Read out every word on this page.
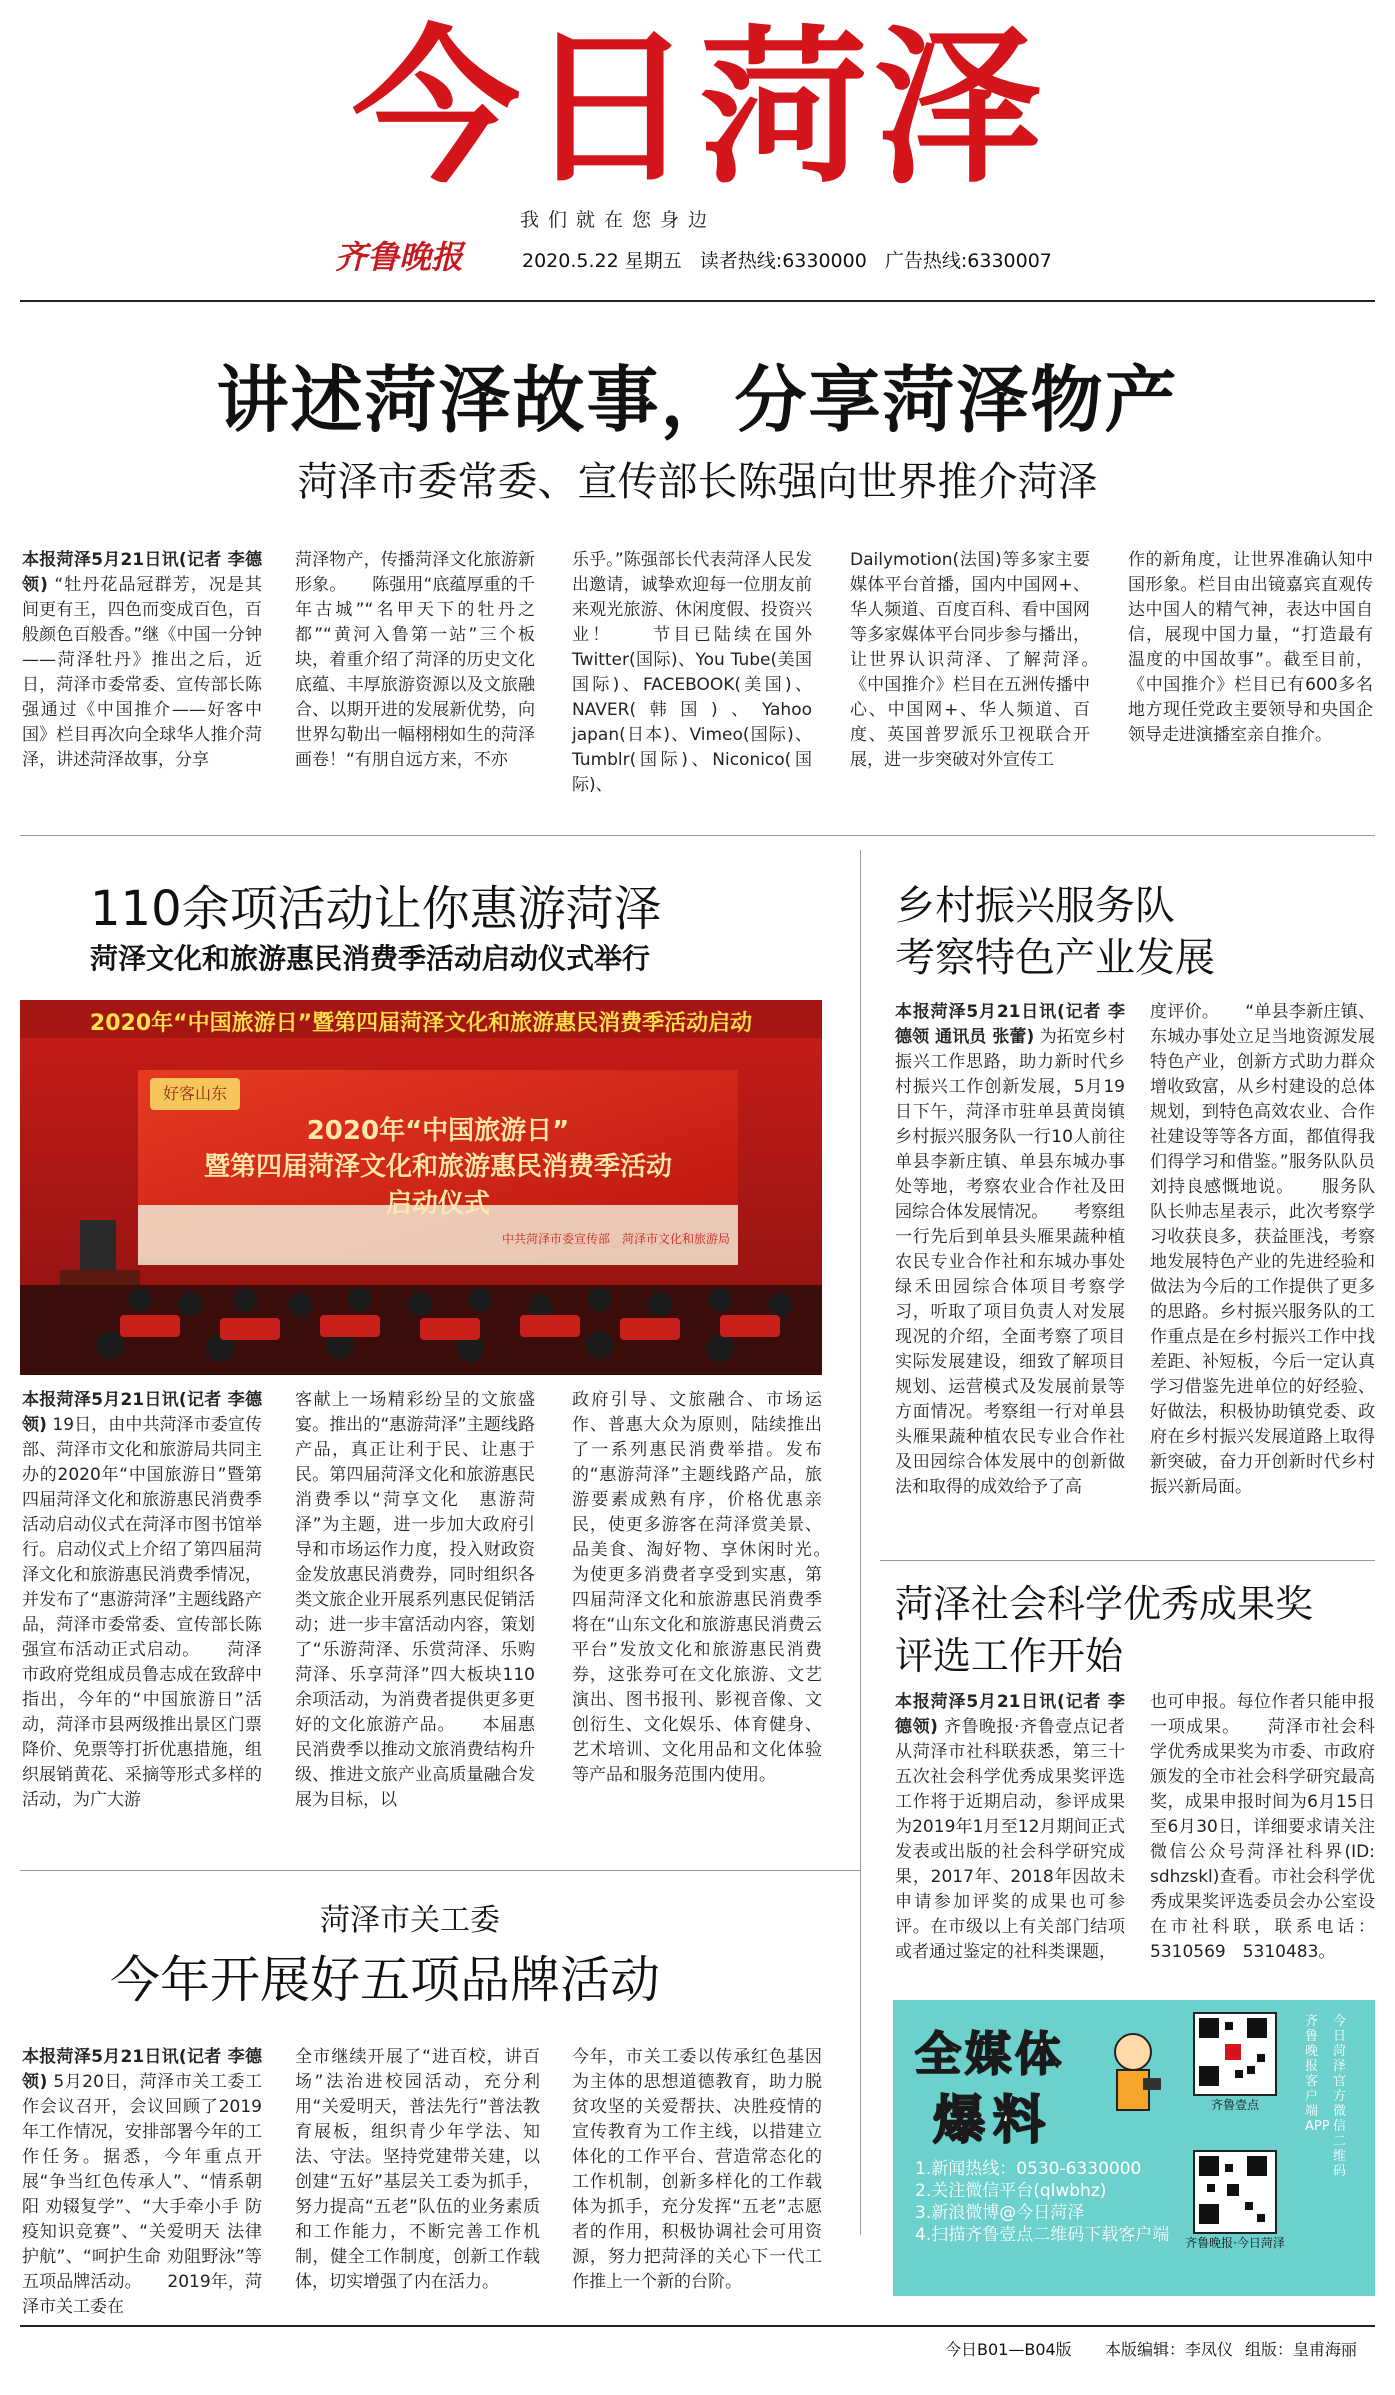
今日菏泽
我们就在您身边
齐鲁晚报	2020.5.22 星期五 读者热线:6330000 广告热线:6330007
讲述菏泽故事，分享菏泽物产
菏泽市委常委、宣传部长陈强向世界推介菏泽
本报菏泽5月21日讯(记者 李德领) “牡丹花品冠群芳，况是其间更有王，四色而变成百色，百般颜色百般香。”继《中国一分钟——菏泽牡丹》推出之后，近日，菏泽市委常委、宣传部长陈强通过《中国推介——好客中国》栏目再次向全球华人推介菏泽，讲述菏泽故事，分享
菏泽物产，传播菏泽文化旅游新形象。　　陈强用“底蕴厚重的千年古城”“名甲天下的牡丹之都”“黄河入鲁第一站”三个板块，着重介绍了菏泽的历史文化底蕴、丰厚旅游资源以及文旅融合、以期开进的发展新优势，向世界勾勒出一幅栩栩如生的菏泽画卷！“有朋自远方来，不亦
乐乎。”陈强部长代表菏泽人民发出邀请，诚挚欢迎每一位朋友前来观光旅游、休闲度假、投资兴业！　　节目已陆续在国外Twitter(国际)、You Tube(美国国际)、FACEBOOK(美国)、NAVER(韩国)、Yahoo japan(日本)、Vimeo(国际)、Tumblr(国际)、Niconico(国际)、
Dailymotion(法国)等多家主要媒体平台首播，国内中国网+、华人频道、百度百科、看中国网等多家媒体平台同步参与播出，让世界认识菏泽、了解菏泽。　　《中国推介》栏目在五洲传播中心、中国网+、华人频道、百度、英国普罗派乐卫视联合开展，进一步突破对外宣传工
作的新角度，让世界准确认知中国形象。栏目由出镜嘉宾直观传达中国人的精气神，表达中国自信，展现中国力量，“打造最有温度的中国故事”。截至目前，《中国推介》栏目已有600多名地方现任党政主要领导和央国企领导走进演播室亲自推介。
110余项活动让你惠游菏泽
菏泽文化和旅游惠民消费季活动启动仪式举行
2020年“中国旅游日”暨第四届菏泽文化和旅游惠民消费季活动启动
好客山东
2020年“中国旅游日”
暨第四届菏泽文化和旅游惠民消费季活动
启动仪式
中共菏泽市委宣传部　菏泽市文化和旅游局
本报菏泽5月21日讯(记者 李德领) 19日，由中共菏泽市委宣传部、菏泽市文化和旅游局共同主办的2020年“中国旅游日”暨第四届菏泽文化和旅游惠民消费季活动启动仪式在菏泽市图书馆举行。启动仪式上介绍了第四届菏泽文化和旅游惠民消费季情况，并发布了“惠游菏泽”主题线路产品，菏泽市委常委、宣传部长陈强宣布活动正式启动。　　菏泽市政府党组成员鲁志成在致辞中指出，今年的“中国旅游日”活动，菏泽市县两级推出景区门票降价、免票等打折优惠措施，组织展销黄花、采摘等形式多样的活动，为广大游
客献上一场精彩纷呈的文旅盛宴。推出的“惠游菏泽”主题线路产品，真正让利于民、让惠于民。第四届菏泽文化和旅游惠民消费季以“菏享文化　惠游菏泽”为主题，进一步加大政府引导和市场运作力度，投入财政资金发放惠民消费券，同时组织各类文旅企业开展系列惠民促销活动；进一步丰富活动内容，策划了“乐游菏泽、乐赏菏泽、乐购菏泽、乐享菏泽”四大板块110余项活动，为消费者提供更多更好的文化旅游产品。　　本届惠民消费季以推动文旅消费结构升级、推进文旅产业高质量融合发展为目标，以
政府引导、文旅融合、市场运作、普惠大众为原则，陆续推出了一系列惠民消费举措。发布的“惠游菏泽”主题线路产品，旅游要素成熟有序，价格优惠亲民，使更多游客在菏泽赏美景、品美食、淘好物、享休闲时光。　　为使更多消费者享受到实惠，第四届菏泽文化和旅游惠民消费季将在“山东文化和旅游惠民消费云平台”发放文化和旅游惠民消费券，这张券可在文化旅游、文艺演出、图书报刊、影视音像、文创衍生、文化娱乐、体育健身、艺术培训、文化用品和文化体验等产品和服务范围内使用。
乡村振兴服务队
考察特色产业发展
本报菏泽5月21日讯(记者 李德领 通讯员 张蕾) 为拓宽乡村振兴工作思路，助力新时代乡村振兴工作创新发展，5月19日下午，菏泽市驻单县黄岗镇乡村振兴服务队一行10人前往单县李新庄镇、单县东城办事处等地，考察农业合作社及田园综合体发展情况。　　考察组一行先后到单县头雁果蔬种植农民专业合作社和东城办事处绿禾田园综合体项目考察学习，听取了项目负责人对发展现况的介绍，全面考察了项目实际发展建设，细致了解项目规划、运营模式及发展前景等方面情况。考察组一行对单县头雁果蔬种植农民专业合作社及田园综合体发展中的创新做法和取得的成效给予了高
度评价。　　“单县李新庄镇、东城办事处立足当地资源发展特色产业，创新方式助力群众增收致富，从乡村建设的总体规划，到特色高效农业、合作社建设等等各方面，都值得我们得学习和借鉴。”服务队队员刘持良感慨地说。　　服务队队长帅志星表示，此次考察学习收获良多，获益匪浅，考察地发展特色产业的先进经验和做法为今后的工作提供了更多的思路。乡村振兴服务队的工作重点是在乡村振兴工作中找差距、补短板，今后一定认真学习借鉴先进单位的好经验、好做法，积极协助镇党委、政府在乡村振兴发展道路上取得新突破，奋力开创新时代乡村振兴新局面。
菏泽社会科学优秀成果奖
评选工作开始
本报菏泽5月21日讯(记者 李德领) 齐鲁晚报·齐鲁壹点记者从菏泽市社科联获悉，第三十五次社会科学优秀成果奖评选工作将于近期启动，参评成果为2019年1月至12月期间正式发表或出版的社会科学研究成果，2017年、2018年因故未申请参加评奖的成果也可参评。在市级以上有关部门结项或者通过鉴定的社科类课题，
也可申报。每位作者只能申报一项成果。　　菏泽市社会科学优秀成果奖为市委、市政府颁发的全市社会科学研究最高奖，成果申报时间为6月15日至6月30日，详细要求请关注微信公众号菏泽社科界(ID: sdhzskl)查看。市社会科学优秀成果奖评选委员会办公室设在市社科联，联系电话：5310569　5310483。
菏泽市关工委
今年开展好五项品牌活动
本报菏泽5月21日讯(记者 李德领) 5月20日，菏泽市关工委工作会议召开，会议回顾了2019年工作情况，安排部署今年的工作任务。据悉，今年重点开展“争当红色传承人”、“情系朝阳 劝辍复学”、“大手牵小手 防疫知识竞赛”、“关爱明天 法律护航”、“呵护生命 劝阻野泳”等五项品牌活动。　　2019年，菏泽市关工委在
全市继续开展了“进百校，讲百场”法治进校园活动，充分利用“关爱明天，普法先行”普法教育展板，组织青少年学法、知法、守法。坚持党建带关建，以创建“五好”基层关工委为抓手，努力提高“五老”队伍的业务素质和工作能力，不断完善工作机制，健全工作制度，创新工作载体，切实增强了内在活力。
今年，市关工委以传承红色基因为主体的思想道德教育，助力脱贫攻坚的关爱帮扶、决胜疫情的宣传教育为工作主线，以措建立体化的工作平台、营造常态化的工作机制，创新多样化的工作载体为抓手，充分发挥“五老”志愿者的作用，积极协调社会可用资源，努力把菏泽的关心下一代工作推上一个新的台阶。
全媒体
爆料
1.新闻热线：0530-6330000
2.关注微信平台(qlwbhz)
3.新浪微博@今日菏泽
4.扫描齐鲁壹点二维码下载客户端
齐鲁壹点
齐鲁晚报·今日菏泽
齐鲁晚报客户端APP
今日菏泽官方微信二维码
今日B01—B04版 本版编辑：李凤仪 组版：皇甫海丽
